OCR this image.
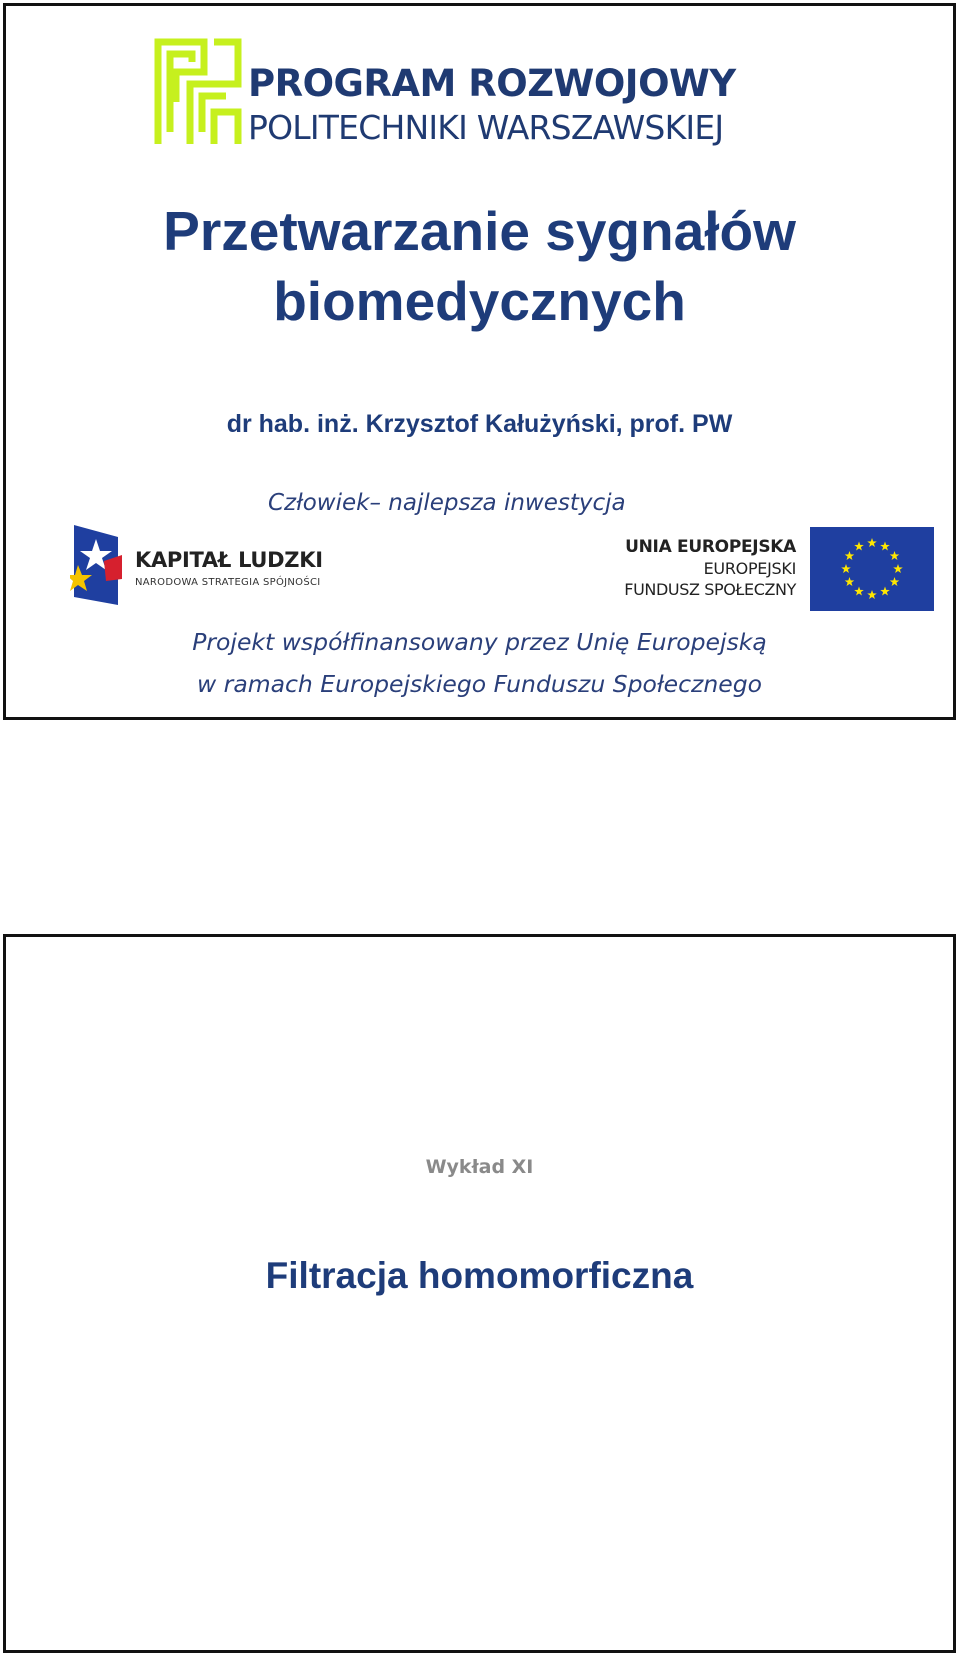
PROGRAM ROZWOJOWY
POLITECHNIKI WARSZAWSKIEJ
Przetwarzanie sygnałów
biomedycznych
dr hab. inż. Krzysztof Kałużyński, prof. PW
Człowiek– najlepsza inwestycja
KAPITAŁ LUDZKI
NARODOWA STRATEGIA SPÓJNOŚCI
UNIA EUROPEJSKA
EUROPEJSKI
FUNDUSZ SPOŁECZNY
Projekt współfinansowany przez Unię Europejską
w ramach Europejskiego Funduszu Społecznego
Wykład XI
Filtracja homomorficzna
